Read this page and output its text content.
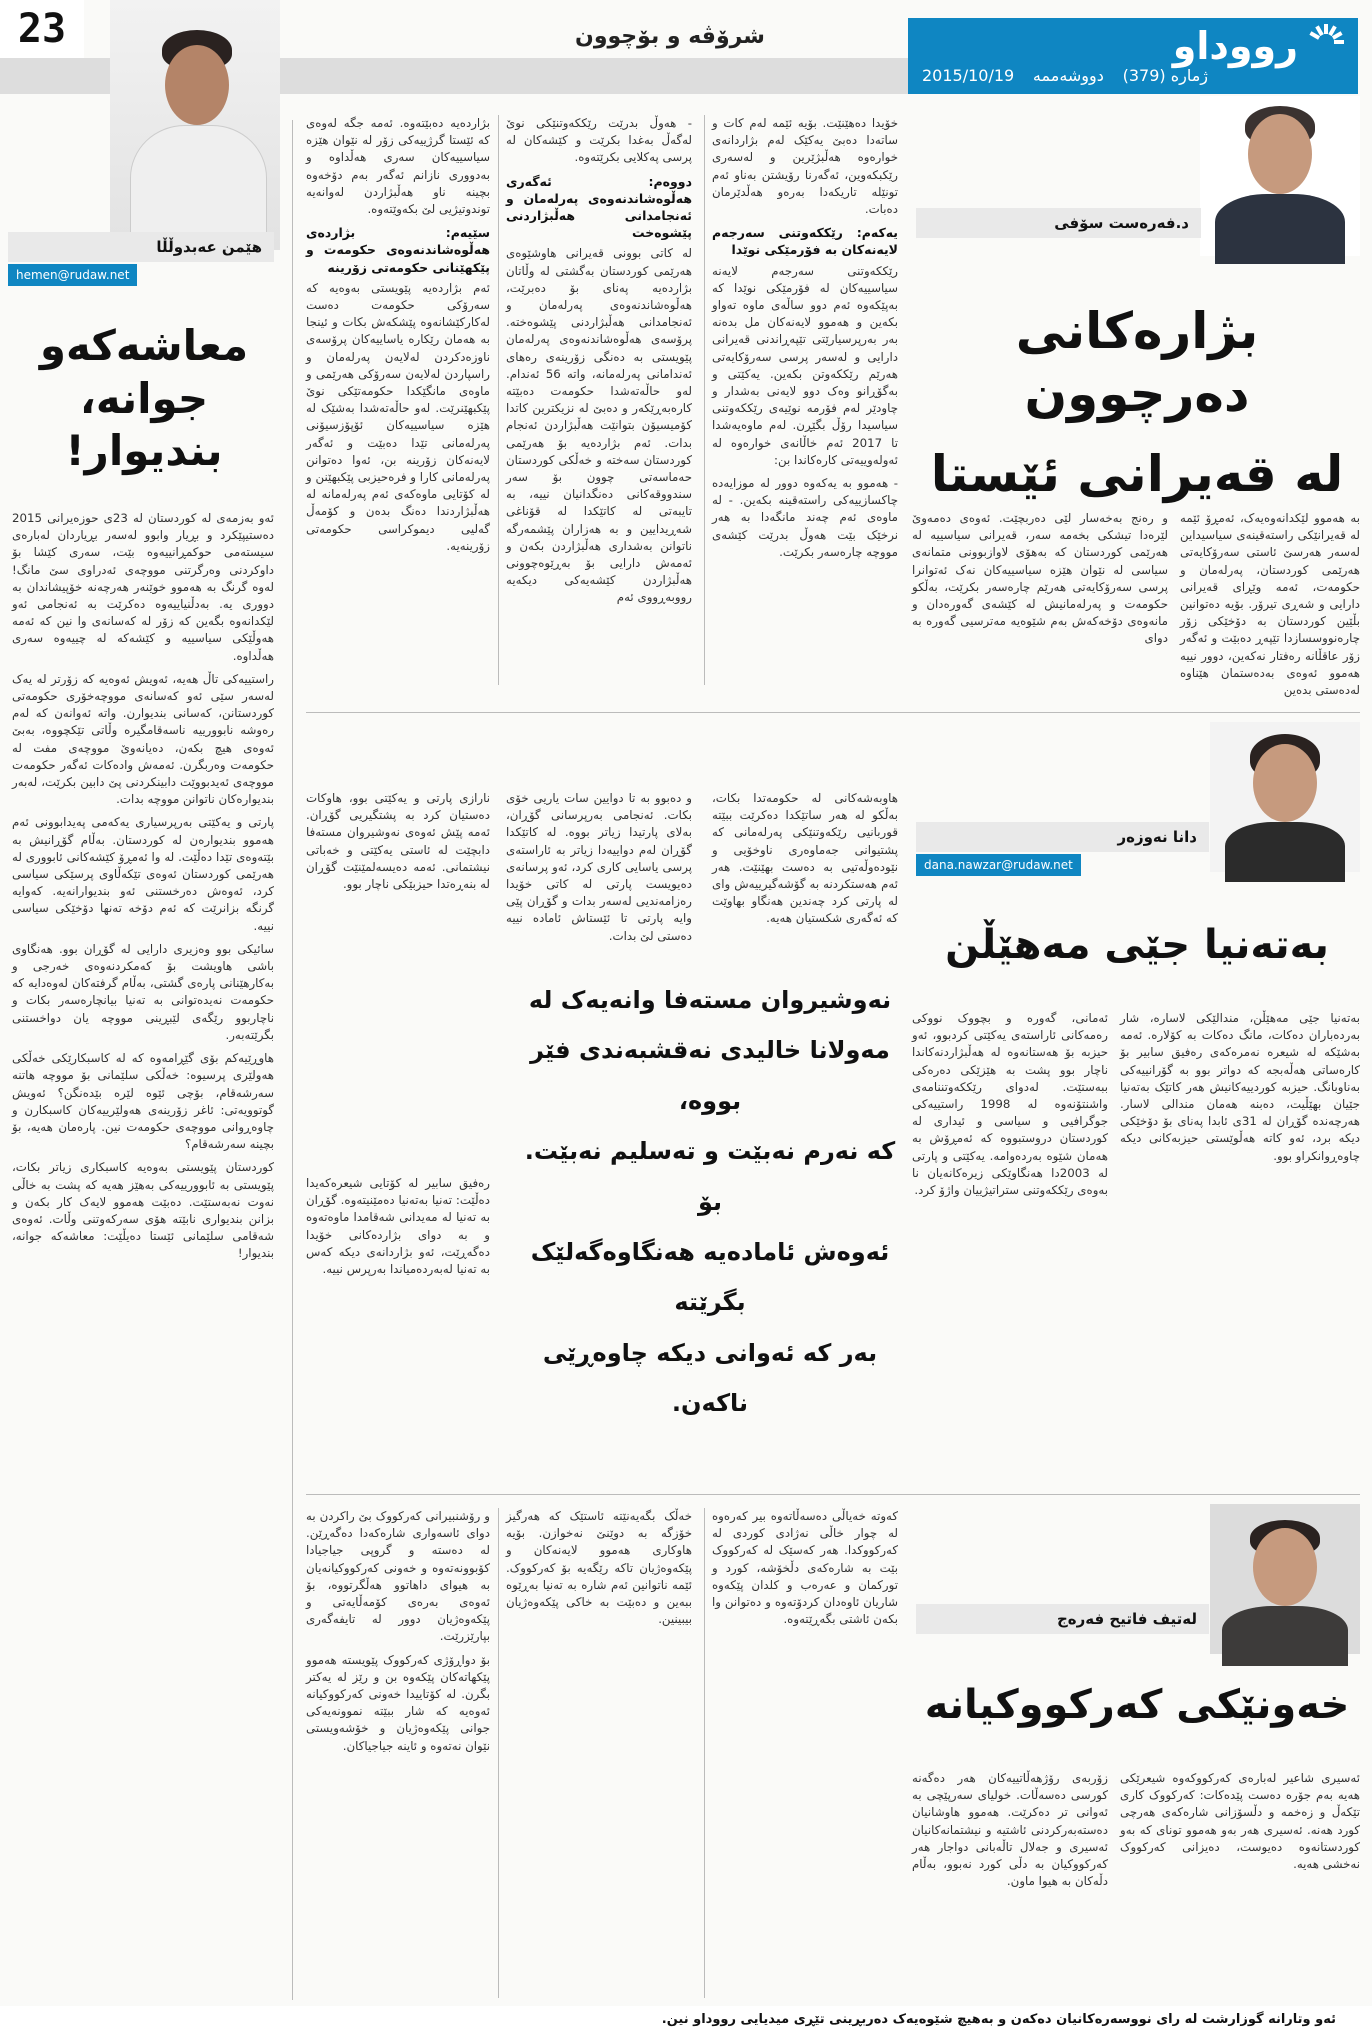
23	شرۆڤە و بۆچوون	رووداو
ژمارە (379)
دووشەممە
2015/10/19
هێمن عەبدوڵڵا
hemen@rudaw.net
معاشەکەو
جوانە، بندیوار!

ئەو بەزمەی لە کوردستان لە 23ی حوزەیرانی 2015 دەستیپێکرد و بڕیار وابوو لەسەر بڕیاردان لەبارەی سیستەمی حوکمڕانییەوە بێت، سەری کێشا بۆ داوکردنی وەرگرتنی مووچەی ئەدراوی سێ مانگ! لەوە گرنگ بە هەموو خوێنەر هەرچەنە خۆپیشاندان بە دووری یە. بەدڵنیاییەوە دەکرێت بە ئەنجامی ئەو لێکدانەوە بگەین کە زۆر لە کەسانەی وا نین کە ئەمە هەوڵێکی سیاسییە و کێشەکە لە چییەوە سەری هەڵداوە.

راستییەکی تاڵ هەیە، ئەویش ئەوەیە کە زۆرتر لە یەک لەسەر سێی ئەو کەسانەی مووچەخۆری حکومەتی کوردستانن، کەسانی بندیوارن. واتە ئەوانەن کە لەم رەوشە نابوورییە ناسەقامگیرە وڵاتی تێکچووە، بەبێ ئەوەی هیچ بکەن، دەیانەوێ مووچەی مفت لە حکومەت وەربگرن. ئەمەش وادەکات ئەگەر حکومەت مووچەی ئەیدبووێت دابینکردنی پێ دابین بکرێت، لەبەر بندیوارەکان ناتوانن مووچە بدات.

پارتی و یەکێتی بەرپرسیاری یەکەمی پەیدابوونی ئەم هەموو بندیوارەن لە کوردستان. بەڵام گۆڕانیش بە بێتەوەی تێدا دەڵێت. لە وا ئەمڕۆ کێشەکانی ئابووری لە هەرێمی کوردستان ئەوەی تێکەڵاوی پرسێکی سیاسی کرد، ئەوەش دەرخستنی ئەو بندیوارانەیە. کەوایە گرنگە بزانرێت کە ئەم دۆخە تەنها دۆخێکی سیاسی نییە.

سائیکی بوو وەزیری دارایی لە گۆڕان بوو. هەنگاوی باشی هاویشت بۆ کەمکردنەوەی خەرجی و بەکارهێنانی پارەی گشتی، بەڵام گرفتەکان لەوەدایە کە حکومەت نەیدەتوانی بە تەنیا بیانچارەسەر بکات و ناچاربوو رێگەی لێبڕینی مووچە یان دواخستنی بگرێتەبەر.

هاوڕێیەکم بۆی گێڕامەوە کە لە کاسبکارێکی خەڵکی هەولێری پرسیوە: خەڵکی سلێمانی بۆ مووچە هاتنە سەرشەقام، بۆچی ئێوە لێرە بێدەنگن؟ ئەویش گوتوویەتی: ئاغر زۆرینەی هەولێرییەکان کاسبکارن و چاوەڕوانی مووچەی حکومەت نین. پارەمان هەیە، بۆ بچینە سەرشەقام؟

کوردستان پێویستی بەوەیە کاسبکاری زیاتر بکات، پێویستی بە ئابوورییەکی بەهێز هەیە کە پشت بە خاڵی نەوت نەبەستێت. دەبێت هەموو لایەک کار بکەن و بزانن بندیواری نابێتە هۆی سەرکەوتنی وڵات. ئەوەی شەقامی سلێمانی ئێستا دەیڵێت: معاشەکە جوانە، بندیوار!

د.فەرەست سۆفی
بژارەکانی دەرچوون
لە قەیرانی ئێستا

بە هەموو لێکدانەوەیەک، ئەمڕۆ ئێمە لە قەیرانێکی راستەقینەی سیاسیداین لەسەر هەرسێ ئاستی سەرۆکایەتی هەرێمی کوردستان، پەرلەمان و حکومەت، ئەمە وێڕای قەیرانی دارایی و شەڕی تیرۆر. بۆیە دەتوانین بڵێین کوردستان بە دۆخێکی زۆر چارەنووسسازدا تێپەڕ دەبێت و ئەگەر زۆر عاقڵانە رەفتار نەکەین، دوور نییە هەموو ئەوەی بەدەستمان هێناوە لەدەستی بدەین

و رەنج بەخەسار لێی دەربچێت. ئەوەی دەمەوێ لێرەدا تیشکی بخەمە سەر، قەیرانی سیاسییە لە هەرێمی کوردستان کە بەهۆی لاوازبوونی متمانەی سیاسی لە نێوان هێزە سیاسییەکان نەک ئەتوانرا پرسی سەرۆکایەتی هەرێم چارەسەر بکرێت، بەڵکو حکومەت و پەرلەمانیش لە کێشەی گەورەدان و مانەوەی دۆخەکەش بەم شێوەیە مەترسیی گەورە بە دوای

خۆیدا دەهێنێت. بۆیە ئێمە لەم کات و ساتەدا دەبێ یەکێک لەم بژاردانەی خوارەوە هەڵبژێرین و لەسەری رێکبکەوین، ئەگەرنا رۆیشتن بەناو ئەم تونێلە تاریکەدا بەرەو هەڵدێرمان دەبات.

یەکەم: رێککەوتنی سەرجەم لایەنەکان بە فۆرمێکی نوێدا

رێککەوتنی سەرجەم لایەنە سیاسییەکان لە فۆرمێکی نوێدا کە بەپێکەوە ئەم دوو ساڵەی ماوە تەواو بکەین و هەموو لایەنەکان مل بدەنە بەر بەرپرسیارێتی تێپەڕاندنی قەیرانی دارایی و لەسەر پرسی سەرۆکایەتی هەرێم رێککەوتن بکەین. یەکێتی و بەگۆڕانو وەک دوو لایەنی بەشدار و چاودێر لەم فۆرمە نوێیەی رێککەوتنی سیاسیدا رۆڵ بگێڕن. لەم ماوەیەشدا تا 2017 ئەم خاڵانەی خوارەوە لە ئەولەوییەتی کارەکاندا بن:

- هەموو بە یەکەوە دوور لە موزایەدە چاکسازییەکی راستەقینە بکەین. - لە ماوەی ئەم چەند مانگەدا بە هەر نرخێک بێت هەوڵ بدرێت کێشەی مووچە چارەسەر بکرێت.

- هەوڵ بدرێت رێککەوتنێکی نوێ لەگەڵ بەغدا بکرێت و کێشەکان لە پرسی پەکلایی بکرێتەوە.

دووەم: ئەگەری هەڵوەشاندنەوەی پەرلەمان و ئەنجامدانی هەڵبژاردنی پێشوەخت

لە کاتی بوونی قەیرانی هاوشێوەی هەرێمی کوردستان بەگشتی لە وڵاتان بژاردەیە پەنای بۆ دەبرێت، هەڵوەشاندنەوەی پەرلەمان و ئەنجامدانی هەڵبژاردنی پێشوەختە. پرۆسەی هەڵوەشاندنەوەی پەرلەمان پێویستی بە دەنگی زۆرینەی رەهای ئەندامانی پەرلەمانە، واتە 56 ئەندام. لەو حاڵەتەشدا حکومەت دەبێتە کارەبەڕێکەر و دەبێ لە نزیکترین کاتدا کۆمیسیۆن بتوانێت هەڵبژاردن ئەنجام بدات. ئەم بژاردەیە بۆ هەرێمی کوردستان سەختە و خەڵکی کوردستان حەماسەتی چوون بۆ سەر سندووقەکانی دەنگدانیان نییە، بە تایبەتی لە کاتێکدا لە قۆناغی شەڕیدایین و بە هەزاران پێشمەرگە ناتوانن بەشداری هەڵبژاردن بکەن و ئەمەش دارایی بۆ بەڕێوەچوونی هەڵبژاردن کێشەیەکی دیکەیە رووبەڕووی ئەم

بژاردەیە دەبێتەوە. ئەمە جگە لەوەی کە ئێستا گرژییەکی زۆر لە نێوان هێزە سیاسییەکان سەری هەڵداوە و بەدووری نازانم ئەگەر بەم دۆخەوە بچینە ناو هەڵبژاردن لەوانەیە توندوتیژیی لێ بکەوێتەوە.

سێیەم: بژاردەی هەڵوەشاندنەوەی حکومەت و پێکهێنانی حکومەتی زۆرینە

ئەم بژاردەیە پێویستی بەوەیە کە سەرۆکی حکومەت دەست لەکارکێشانەوە پێشکەش بکات و ئینجا بە هەمان رێکارە یاساییەکان پرۆسەی ناوزەدکردن لەلایەن پەرلەمان و راسپاردن لەلایەن سەرۆکی هەرێمی و ماوەی مانگێکدا حکومەتێکی نوێ پێکبهێنرێت. لەو حاڵەتەشدا بەشێک لە هێزە سیاسییەکان ئۆپۆزسیۆنی پەرلەمانی تێدا دەبێت و ئەگەر لایەنەکان زۆرینە بن، ئەوا دەتوانن پەرلەمانی کارا و فرەحیزبی پێکبهێنن و لە کۆتایی ماوەکەی ئەم پەرلەمانە لە هەڵبژاردندا دەنگ بدەن و کۆمەڵ گەلیی دیموکراسی حکومەتی زۆرینەیە.

دانا نەوزەر
dana.nawzar@rudaw.net
بەتەنیا جێی مەهێڵن

نارازی پارتی و یەکێتی بوو، هاوکات دەستیان کرد بە پشتگیریی گۆڕان. ئەمە پێش ئەوەی نەوشیروان مستەفا دابچێت لە ئاستی یەکێتی و خەباتی نیشتمانی. ئەمە دەیسەلمێنێت گۆڕان لە بنەڕەتدا حیزبێکی ناچار بوو.

و دەبوو بە تا دوایین سات یاریی خۆی بکات. ئەنجامی بەرپرسانی گۆڕان، بەلای پارتیدا زیاتر بووە. لە کاتێکدا گۆڕان لەم دواییەدا زیاتر بە ئاراستەی پرسی یاسایی کاری کرد، ئەو پرسانەی دەیویست پارتی لە کاتی خۆیدا رەزامەندیی لەسەر بدات و گۆڕان پێی وایە پارتی تا ئێستاش ئامادە نییە دەستی لێ بدات.

هاوبەشەکانی لە حکومەتدا بکات، بەڵکو لە هەر ساتێکدا دەکرێت ببێتە قوربانیی رێکەوتنێکی پەرلەمانی کە پشتیوانی جەماوەری ناوخۆیی و نێودەوڵەتیی بە دەست بهێنێت. هەر ئەم هەستکردنە بە گۆشەگیرییەش وای لە پارتی کرد چەندین هەنگاو بهاوێت کە ئەگەری شکستیان هەیە.

نەوشیروان مستەفا وانەیەک لە
مەولانا خالیدی نەقشبەندی فێر بووە،
کە نەرم نەبێت و تەسلیم نەبێت. بۆ
ئەوەش ئامادەیە هەنگاوەگەلێک بگرێتە
بەر کە ئەوانی دیکە چاوەڕێی ناکەن.

رەفیق سابیر لە کۆتایی شیعرەکەیدا دەڵێت: تەنیا بەتەنیا دەمێنیتەوە. گۆڕان بە تەنیا لە مەیدانی شەقامدا ماوەتەوە و بە دوای بژاردەکانی خۆیدا دەگەڕێت، ئەو بژاردانەی دیکە کەس بە تەنیا لەبەردەمیاندا بەرپرس نییە.

بەتەنیا جێی مەهێڵن، مندالێکی لاسارە، شار بەردەباران دەکات، مانگ دەکات بە کۆلارە. ئەمە بەشێکە لە شیعرە نەمرەکەی رەفیق سابیر بۆ کارەساتی هەڵەبجە کە دواتر بوو بە گۆرانییەکی بەناوبانگ. حیزبە کوردییەکانیش هەر کاتێک بەتەنیا جێیان بهێڵیت، دەبنە هەمان مندالی لاسار. هەرچەندە گۆڕان لە 31ی ئابدا پەنای بۆ دۆخێکی دیکە برد، ئەو کاتە هەڵوێستی حیزبەکانی دیکە چاوەڕوانکراو بوو.

ئەمانی، گەورە و بچووک نووکی رەمەکانی ئاراستەی یەکێتی کردبوو، ئەو حیزبە بۆ هەستانەوە لە هەڵبژاردنەکاندا ناچار بوو پشت بە هێزێکی دەرەکی ببەستێت. لەدوای رێککەوتننامەی واشنتۆنەوە لە 1998 راستییەکی جوگرافیی و سیاسی و ئیداری لە کوردستان دروستبووە کە ئەمڕۆش بە هەمان شێوە بەردەوامە. یەکێتی و پارتی لە 2003دا هەنگاوێکی زیرەکانەیان نا بەوەی رێککەوتنی ستراتیژییان واژۆ کرد.

لەتیف فاتیح فەرەج
خەونێکی کەرکووکیانە

ئەسیری شاعیر لەبارەی کەرکووکەوە شیعرێکی هەیە بەم جۆرە دەست پێدەکات: کەرکووک کاری تێکەڵ و زەخمە و دڵسۆزانی شارەکەی هەرچی کورد هەنە. ئەسیری هەر بەو هەموو تونای کە بەو کوردستانەوە دەیوست، دەیزانی کەرکووک نەخشی هەیە.

زۆربەی رۆژهەڵاتییەکان هەر دەگەنە کورسی دەسەڵات. خولیای سەرپێچی بە ئەوانی تر دەکرێت. هەموو هاوشانیان دەستەبەرکردنی ئاشتیە و نیشتمانەکانیان ئەسیری و جەلال تاڵەبانی دواجار هەر کەرکووکیان بە دڵی کورد نەبوو، بەڵام دڵەکان بە هیوا ماون.

کەوتە خەیاڵی دەسەڵاتەوە بیر کەرەوە لە چوار خاڵی نەژادی کوردی لە کەرکووکدا. هەر کەسێک لە کەرکووک بێت بە شارەکەی دڵخۆشە، کورد و تورکمان و عەرەب و کلدان پێکەوە شاریان ئاوەدان کردۆتەوە و دەتوانن وا بکەن ئاشتی بگەڕێتەوە.

خەڵک بگەیەنێتە ئاستێک کە هەرگیز خۆزگە بە دوێنێ نەخوازن. بۆیە هاوکاری هەموو لایەنەکان و پێکەوەژیان تاکە رێگەیە بۆ کەرکووک. ئێمە ناتوانین ئەم شارە بە تەنیا بەڕێوە ببەین و دەبێت بە خاکی پێکەوەژیان بیبینین.

و رۆشنبیرانی کەرکووک بێ راکردن بە دوای ئاسەواری شارەکەدا دەگەڕێن. لە دەستە و گروپی جیاجیادا کۆبوونەتەوە و خەونی کەرکووکیانەیان بە هیوای داهاتوو هەڵگرتووە، بۆ ئەوەی بەرەی کۆمەڵایەتی و پێکەوەژیان دوور لە تایفەگەری بپارێزرێت.

بۆ دواڕۆژی کەرکووک پێویستە هەموو پێکهاتەکان پێکەوە بن و رێز لە یەکتر بگرن. لە کۆتاییدا خەونی کەرکووکیانە ئەوەیە کە شار ببێتە نموونەیەکی جوانی پێکەوەژیان و خۆشەویستی نێوان نەتەوە و ئاینە جیاجیاکان.

ئەو وتارانە گوزارشت لە رای نووسەرەکانیان دەکەن و بەهیچ شێوەیەک دەربڕینی تێڕی میدیایی رووداو نین.
